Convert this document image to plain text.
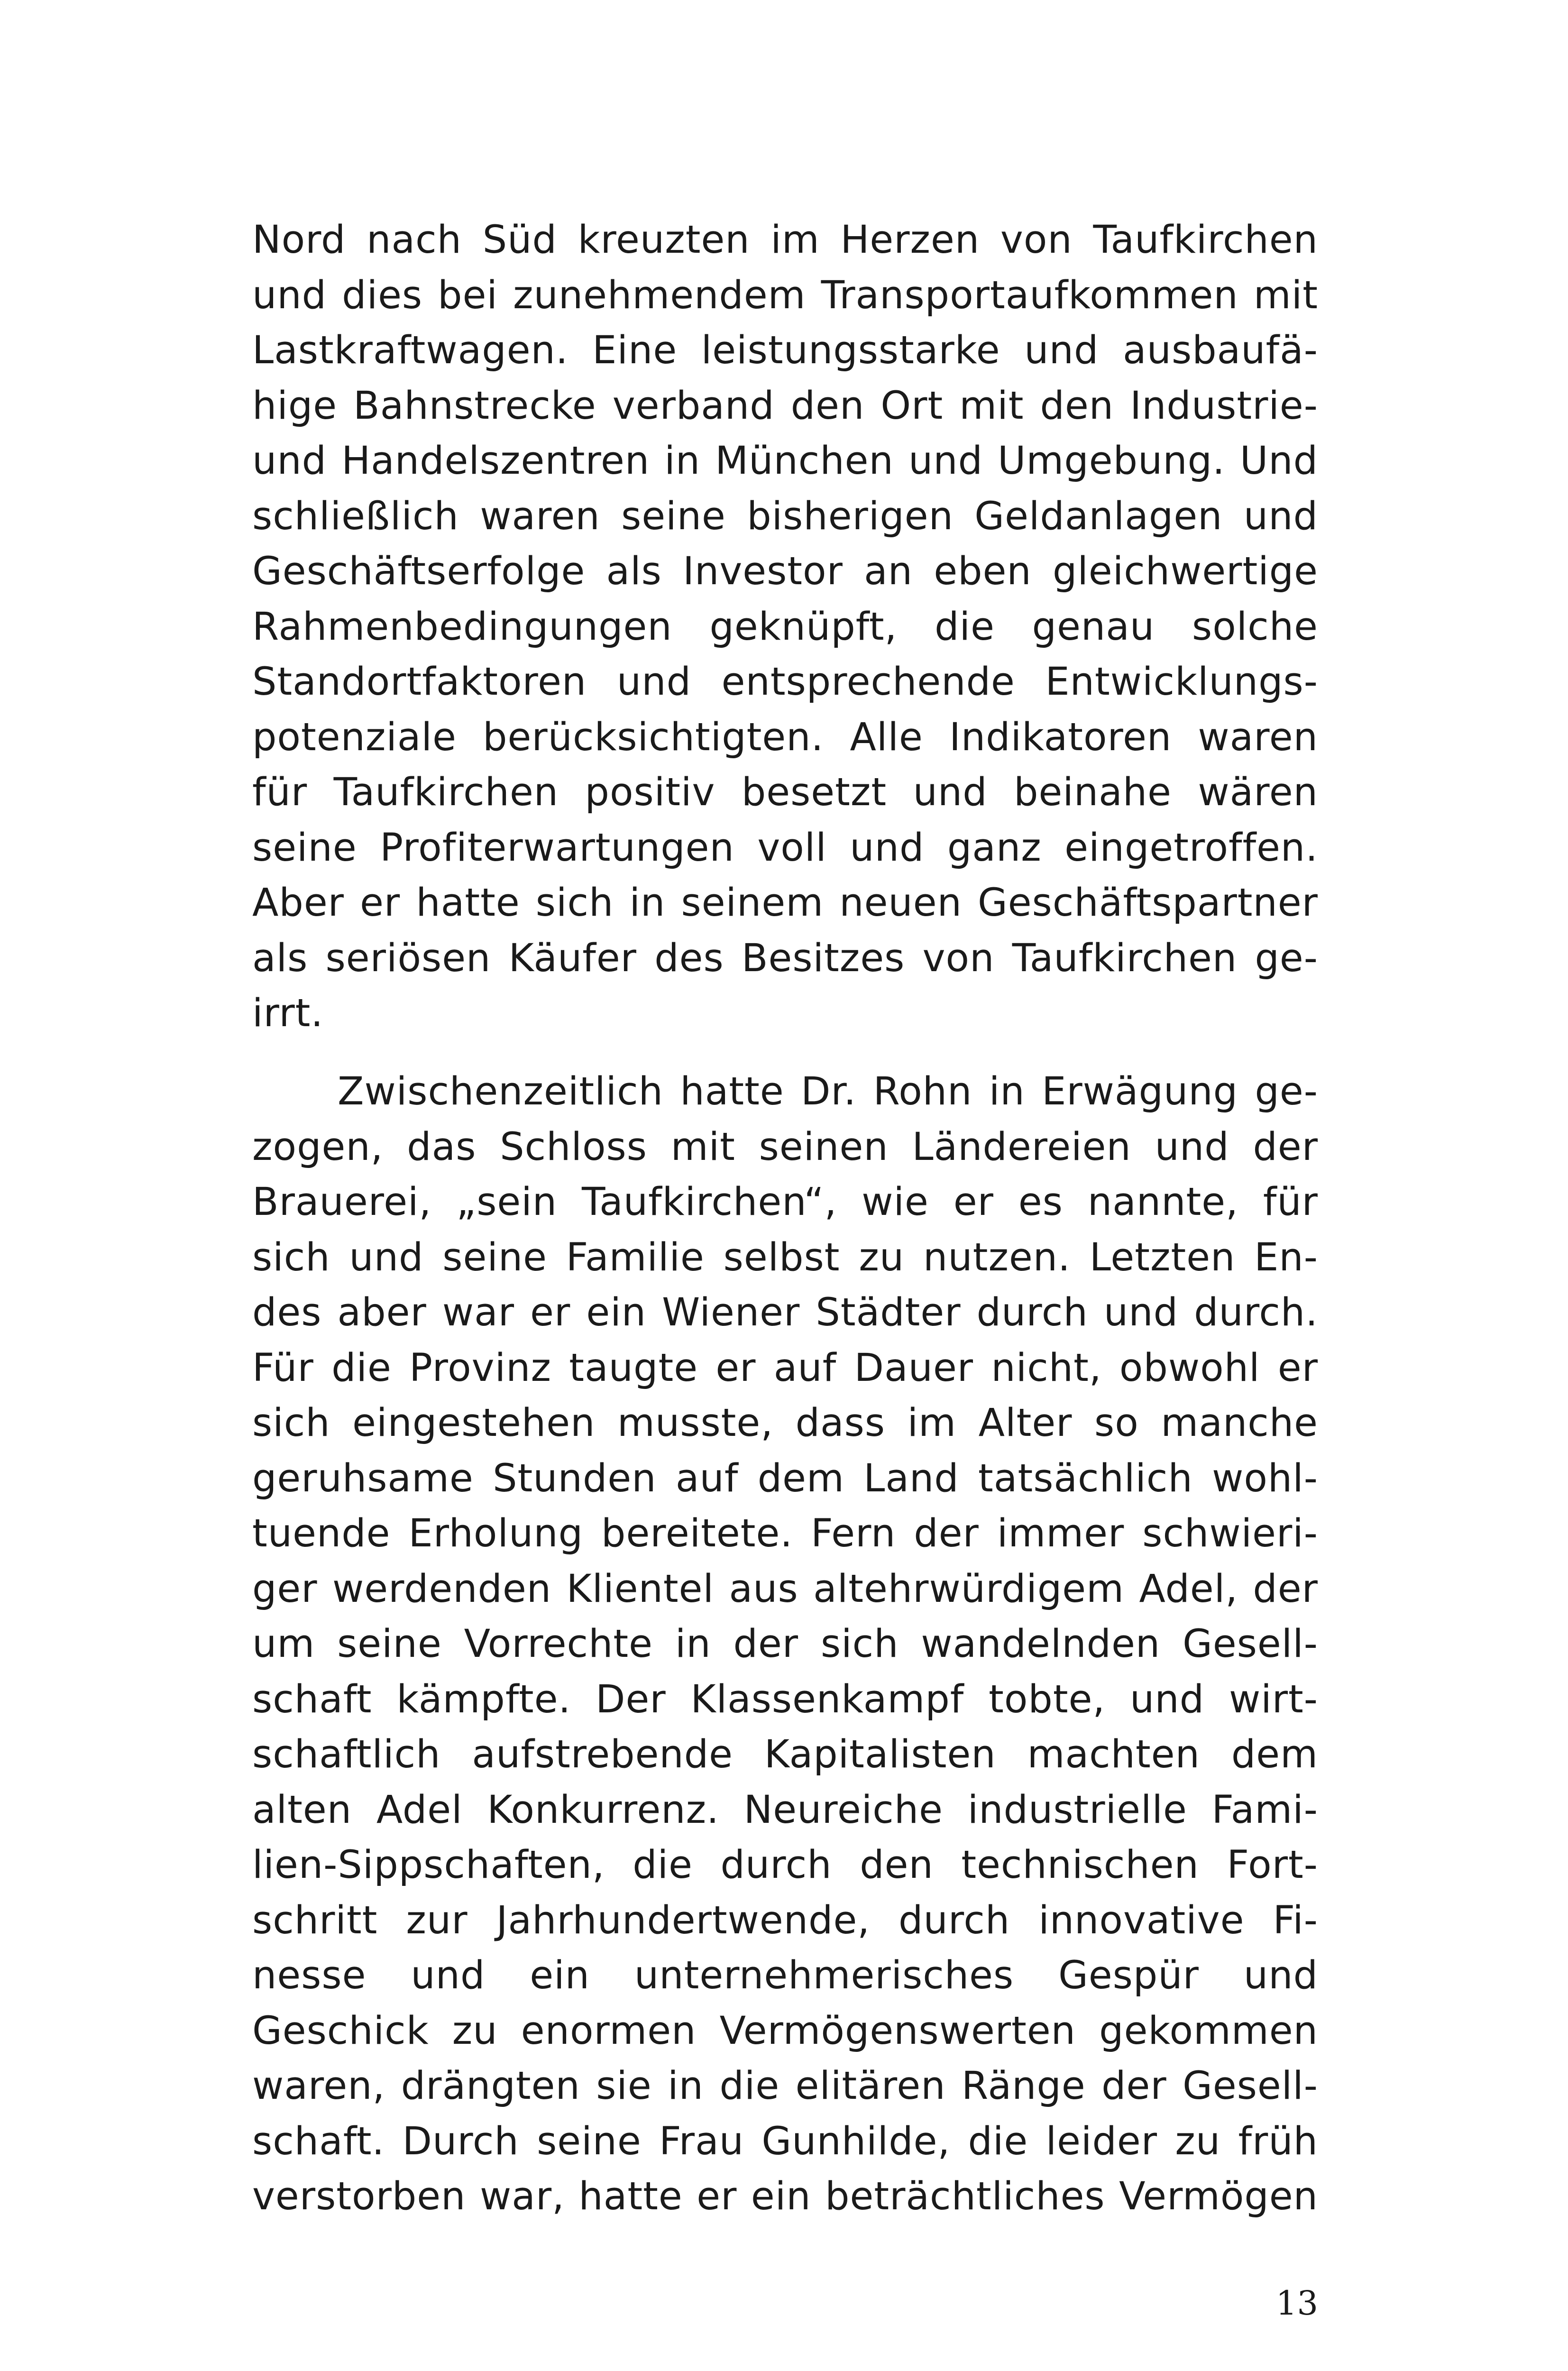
Nord nach Süd kreuzten im Herzen von Taufkirchen
und dies bei zunehmendem Transportaufkommen mit
Lastkraftwagen. Eine leistungsstarke und ausbaufä-
hige Bahnstrecke verband den Ort mit den Industrie-
und Handelszentren in München und Umgebung. Und
schließlich waren seine bisherigen Geldanlagen und
Geschäftserfolge als Investor an eben gleichwertige
Rahmenbedingungen geknüpft, die genau solche
Standortfaktoren und entsprechende Entwicklungs-
potenziale berücksichtigten. Alle Indikatoren waren
für Taufkirchen positiv besetzt und beinahe wären
seine Profiterwartungen voll und ganz eingetroffen.
Aber er hatte sich in seinem neuen Geschäftspartner
als seriösen Käufer des Besitzes von Taufkirchen ge-
irrt.
Zwischenzeitlich hatte Dr. Rohn in Erwägung ge-
zogen, das Schloss mit seinen Ländereien und der
Brauerei, „sein Taufkirchen“, wie er es nannte, für
sich und seine Familie selbst zu nutzen. Letzten En-
des aber war er ein Wiener Städter durch und durch.
Für die Provinz taugte er auf Dauer nicht, obwohl er
sich eingestehen musste, dass im Alter so manche
geruhsame Stunden auf dem Land tatsächlich wohl-
tuende Erholung bereitete. Fern der immer schwieri-
ger werdenden Klientel aus altehrwürdigem Adel, der
um seine Vorrechte in der sich wandelnden Gesell-
schaft kämpfte. Der Klassenkampf tobte, und wirt-
schaftlich aufstrebende Kapitalisten machten dem
alten Adel Konkurrenz. Neureiche industrielle Fami-
lien-Sippschaften, die durch den technischen Fort-
schritt zur Jahrhundertwende, durch innovative Fi-
nesse und ein unternehmerisches Gespür und
Geschick zu enormen Vermögenswerten gekommen
waren, drängten sie in die elitären Ränge der Gesell-
schaft. Durch seine Frau Gunhilde, die leider zu früh
verstorben war, hatte er ein beträchtliches Vermögen
13
